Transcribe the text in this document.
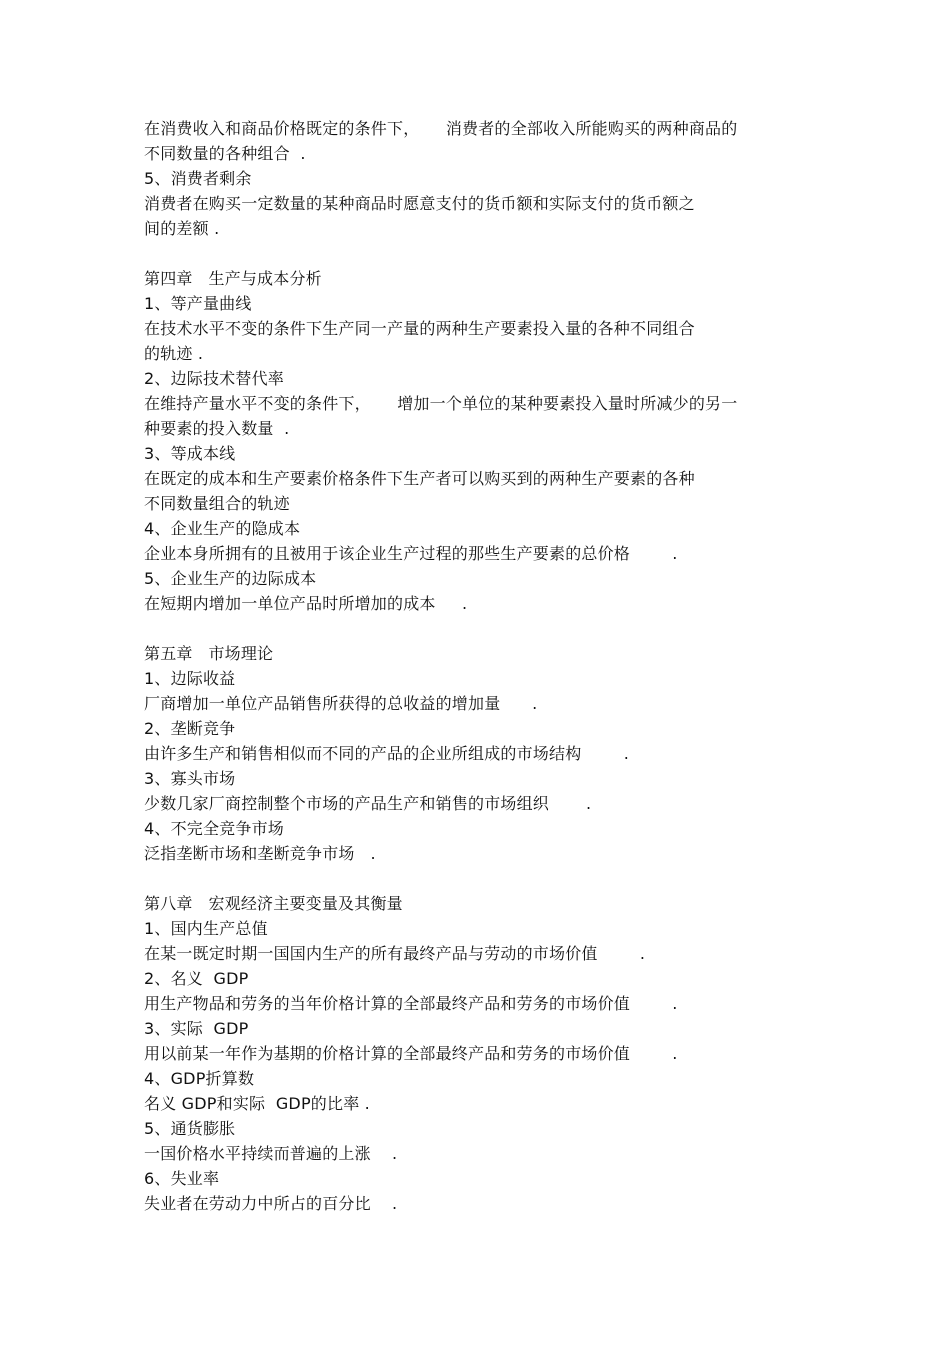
在消费收入和商品价格既定的条件下，     消费者的全部收入所能购买的两种商品的
不同数量的各种组合  .
5、消费者剩余
消费者在购买一定数量的某种商品时愿意支付的货币额和实际支付的货币额之
间的差额 .
第四章   生产与成本分析
1、等产量曲线
在技术水平不变的条件下生产同一产量的两种生产要素投入量的各种不同组合
的轨迹 .
2、边际技术替代率
在维持产量水平不变的条件下，     增加一个单位的某种要素投入量时所减少的另一
种要素的投入数量  .
3、等成本线
在既定的成本和生产要素价格条件下生产者可以购买到的两种生产要素的各种
不同数量组合的轨迹
4、企业生产的隐成本
企业本身所拥有的且被用于该企业生产过程的那些生产要素的总价格        .
5、企业生产的边际成本
在短期内增加一单位产品时所增加的成本     .
第五章   市场理论
1、边际收益
厂商增加一单位产品销售所获得的总收益的增加量      .
2、垄断竞争
由许多生产和销售相似而不同的产品的企业所组成的市场结构        .
3、寡头市场
少数几家厂商控制整个市场的产品生产和销售的市场组织       .
4、不完全竞争市场
泛指垄断市场和垄断竞争市场   .
第八章   宏观经济主要变量及其衡量
1、国内生产总值
在某一既定时期一国国内生产的所有最终产品与劳动的市场价值        .
2、名义  GDP
用生产物品和劳务的当年价格计算的全部最终产品和劳务的市场价值        .
3、实际  GDP
用以前某一年作为基期的价格计算的全部最终产品和劳务的市场价值        .
4、GDP折算数
名义 GDP和实际  GDP的比率 .
5、通货膨胀
一国价格水平持续而普遍的上涨    .
6、失业率
失业者在劳动力中所占的百分比    .
